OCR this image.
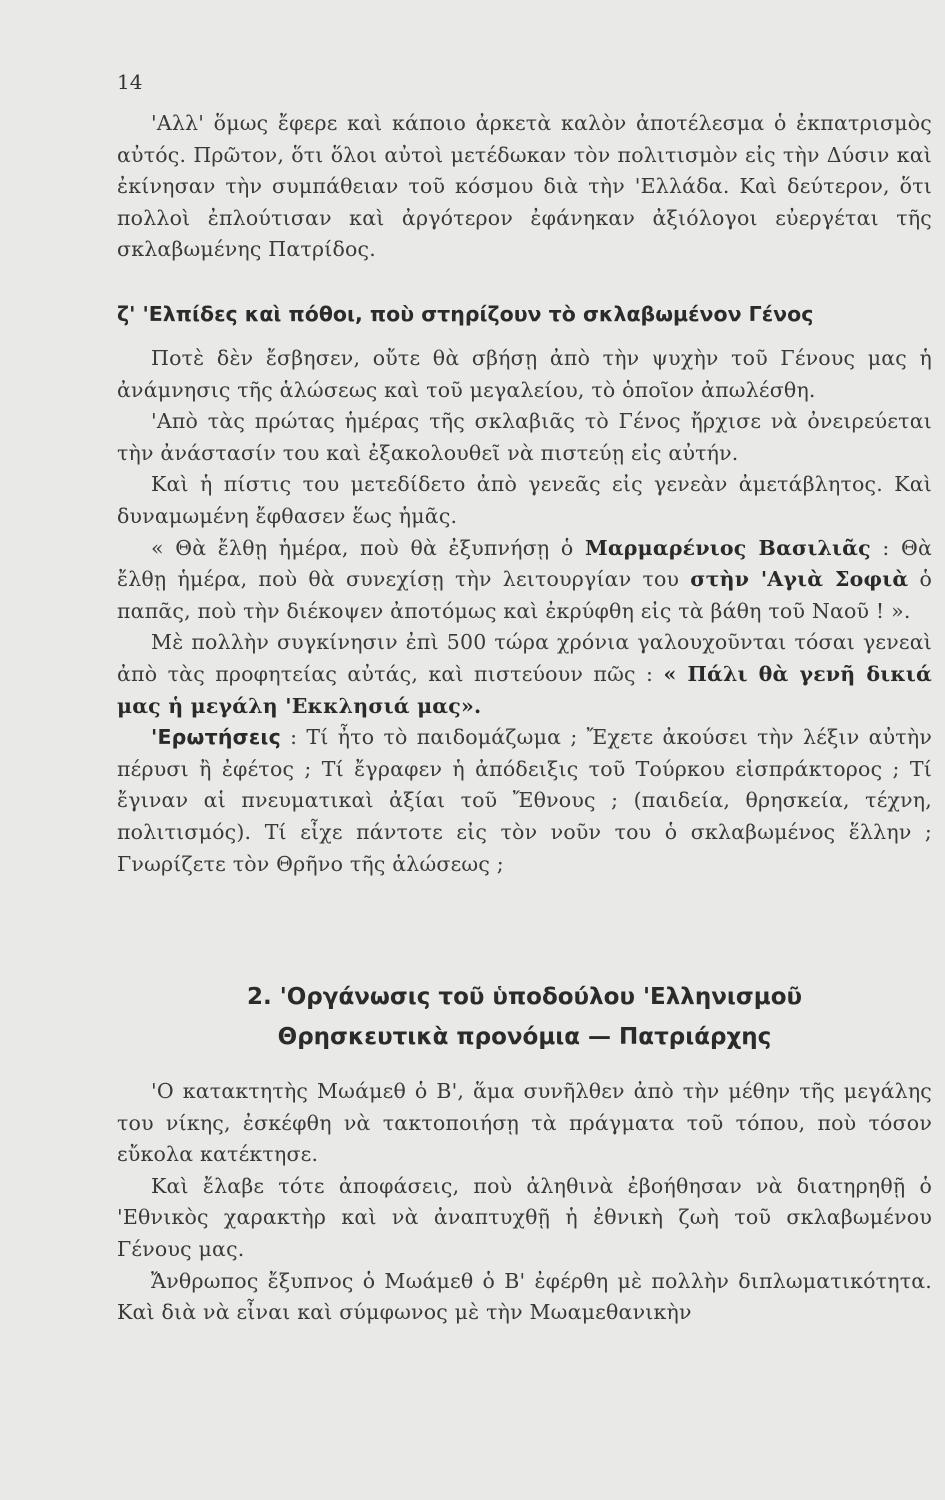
14

'Αλλ' ὅμως ἔφερε καὶ κάποιο ἀρκετὰ καλὸν ἀποτέλεσμα ὁ ἐκπατρισμὸς αὐτός. Πρῶτον, ὅτι ὅλοι αὐτοὶ μετέδωκαν τὸν πολιτισμὸν εἰς τὴν Δύσιν καὶ ἐκίνησαν τὴν συμπάθειαν τοῦ κόσμου διὰ τὴν 'Ελλάδα. Καὶ δεύτερον, ὅτι πολλοὶ ἐπλούτισαν καὶ ἀργότερον ἐφάνηκαν ἀξιόλογοι εὐεργέται τῆς σκλαβωμένης Πατρίδος.

ζ' 'Ελπίδες καὶ πόθοι, ποὺ στηρίζουν τὸ σκλαβωμένον Γένος

Ποτὲ δὲν ἔσβησεν, οὔτε θὰ σβήσῃ ἀπὸ τὴν ψυχὴν τοῦ Γένους μας ἡ ἀνάμνησις τῆς ἁλώσεως καὶ τοῦ μεγαλείου, τὸ ὁποῖον ἀπωλέσθη.

'Απὸ τὰς πρώτας ἡμέρας τῆς σκλαβιᾶς τὸ Γένος ἤρχισε νὰ ὀνειρεύεται τὴν ἀνάστασίν του καὶ ἐξακολουθεῖ νὰ πιστεύῃ εἰς αὐτήν.

Καὶ ἡ πίστις του μετεδίδετο ἀπὸ γενεᾶς εἰς γενεὰν ἀμετάβλητος. Καὶ δυναμωμένη ἔφθασεν ἕως ἡμᾶς.

« Θὰ ἔλθῃ ἡμέρα, ποὺ θὰ ἐξυπνήσῃ ὁ Μαρμαρένιος Βασιλιᾶς : Θὰ ἔλθῃ ἡμέρα, ποὺ θὰ συνεχίσῃ τὴν λειτουργίαν του στὴν 'Αγιὰ Σοφιὰ ὁ παπᾶς, ποὺ τὴν διέκοψεν ἀποτόμως καὶ ἐκρύφθη εἰς τὰ βάθη τοῦ Ναοῦ ! ».

Μὲ πολλὴν συγκίνησιν ἐπὶ 500 τώρα χρόνια γαλουχοῦνται τόσαι γενεαὶ ἀπὸ τὰς προφητείας αὐτάς, καὶ πιστεύουν πῶς : « Πάλι θὰ γενῆ δικιά μας ἡ μεγάλη 'Εκκλησιά μας».

'Ερωτήσεις : Τί ἦτο τὸ παιδομάζωμα ; Ἔχετε ἀκούσει τὴν λέξιν αὐτὴν πέρυσι ἢ ἐφέτος ; Τί ἔγραφεν ἡ ἀπόδειξις τοῦ Τούρκου εἰσπράκτορος ; Τί ἔγιναν αἱ πνευματικαὶ ἀξίαι τοῦ Ἔθνους ; (παιδεία, θρησκεία, τέχνη, πολιτισμός). Τί εἶχε πάντοτε εἰς τὸν νοῦν του ὁ σκλαβωμένος ἕλλην ; Γνωρίζετε τὸν Θρῆνο τῆς ἁλώσεως ;

2. 'Οργάνωσις τοῦ ὑποδούλου 'Ελληνισμοῦ
Θρησκευτικὰ προνόμια — Πατριάρχης

'Ο κατακτητὴς Μωάμεθ ὁ Β', ἅμα συνῆλθεν ἀπὸ τὴν μέθην τῆς μεγάλης του νίκης, ἐσκέφθη νὰ τακτοποιήσῃ τὰ πράγματα τοῦ τόπου, ποὺ τόσον εὔκολα κατέκτησε.

Καὶ ἔλαβε τότε ἀποφάσεις, ποὺ ἀληθινὰ ἐβοήθησαν νὰ διατηρηθῇ ὁ 'Εθνικὸς χαρακτὴρ καὶ νὰ ἀναπτυχθῇ ἡ ἐθνικὴ ζωὴ τοῦ σκλαβωμένου Γένους μας.

Ἄνθρωπος ἔξυπνος ὁ Μωάμεθ ὁ Β' ἐφέρθη μὲ πολλὴν διπλωματικότητα. Καὶ διὰ νὰ εἶναι καὶ σύμφωνος μὲ τὴν Μωαμεθανικὴν
